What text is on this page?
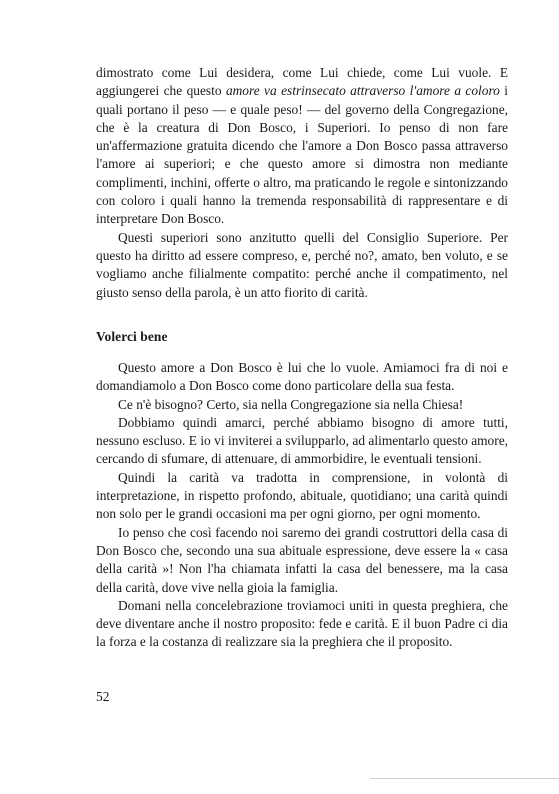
dimostrato come Lui desidera, come Lui chiede, come Lui vuole. E aggiungerei che questo amore va estrinsecato attraverso l'amore a coloro i quali portano il peso — e quale peso! — del governo della Congregazione, che è la creatura di Don Bosco, i Superiori. Io penso di non fare un'affermazione gratuita dicendo che l'amore a Don Bosco passa attraverso l'amore ai superiori; e che questo amore si dimostra non mediante complimenti, inchini, offerte o altro, ma praticando le regole e sintonizzando con coloro i quali hanno la tremenda responsabilità di rappresentare e di interpretare Don Bosco.

Questi superiori sono anzitutto quelli del Consiglio Superiore. Per questo ha diritto ad essere compreso, e, perché no?, amato, ben voluto, e se vogliamo anche filialmente compatito: perché anche il compatimento, nel giusto senso della parola, è un atto fiorito di carità.

Volerci bene

Questo amore a Don Bosco è lui che lo vuole. Amiamoci fra di noi e domandiamolo a Don Bosco come dono particolare della sua festa.

Ce n'è bisogno? Certo, sia nella Congregazione sia nella Chiesa!

Dobbiamo quindi amarci, perché abbiamo bisogno di amore tutti, nessuno escluso. E io vi inviterei a svilupparlo, ad alimentarlo questo amore, cercando di sfumare, di attenuare, di ammorbidire, le eventuali tensioni.

Quindi la carità va tradotta in comprensione, in volontà di interpretazione, in rispetto profondo, abituale, quotidiano; una carità quindi non solo per le grandi occasioni ma per ogni giorno, per ogni momento.

Io penso che così facendo noi saremo dei grandi costruttori della casa di Don Bosco che, secondo una sua abituale espressione, deve essere la « casa della carità »! Non l'ha chiamata infatti la casa del benessere, ma la casa della carità, dove vive nella gioia la famiglia.

Domani nella concelebrazione troviamoci uniti in questa preghiera, che deve diventare anche il nostro proposito: fede e carità. E il buon Padre ci dia la forza e la costanza di realizzare sia la preghiera che il proposito.

52
